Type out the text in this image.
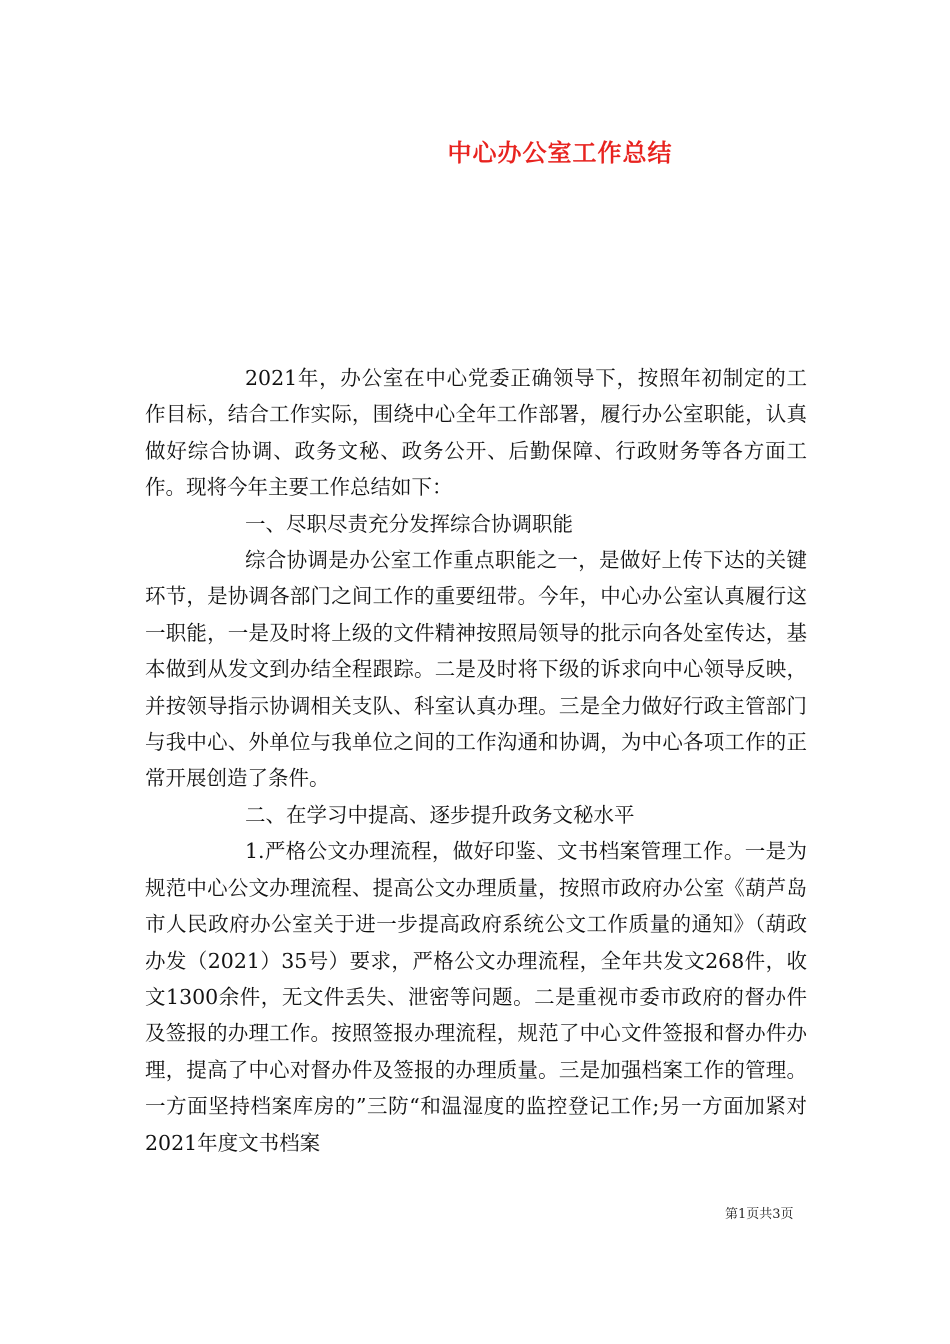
中心办公室工作总结

2021年，办公室在中心党委正确领导下，按照年初制定的工作目标，结合工作实际，围绕中心全年工作部署，履行办公室职能，认真做好综合协调、政务文秘、政务公开、后勤保障、行政财务等各方面工作。现将今年主要工作总结如下：

一、尽职尽责充分发挥综合协调职能

综合协调是办公室工作重点职能之一，是做好上传下达的关键环节，是协调各部门之间工作的重要纽带。今年，中心办公室认真履行这一职能，一是及时将上级的文件精神按照局领导的批示向各处室传达，基本做到从发文到办结全程跟踪。二是及时将下级的诉求向中心领导反映，并按领导指示协调相关支队、科室认真办理。三是全力做好行政主管部门与我中心、外单位与我单位之间的工作沟通和协调，为中心各项工作的正常开展创造了条件。

二、在学习中提高、逐步提升政务文秘水平

1.严格公文办理流程，做好印鉴、文书档案管理工作。一是为规范中心公文办理流程、提高公文办理质量，按照市政府办公室《葫芦岛市人民政府办公室关于进一步提高政府系统公文工作质量的通知》（葫政办发（2021）35号）要求，严格公文办理流程，全年共发文268件，收文1300余件，无文件丢失、泄密等问题。二是重视市委市政府的督办件及签报的办理工作。按照签报办理流程，规范了中心文件签报和督办件办理，提高了中心对督办件及签报的办理质量。三是加强档案工作的管理。一方面坚持档案库房的”三防“和温湿度的监控登记工作;另一方面加紧对2021年度文书档案

第1页共3页
